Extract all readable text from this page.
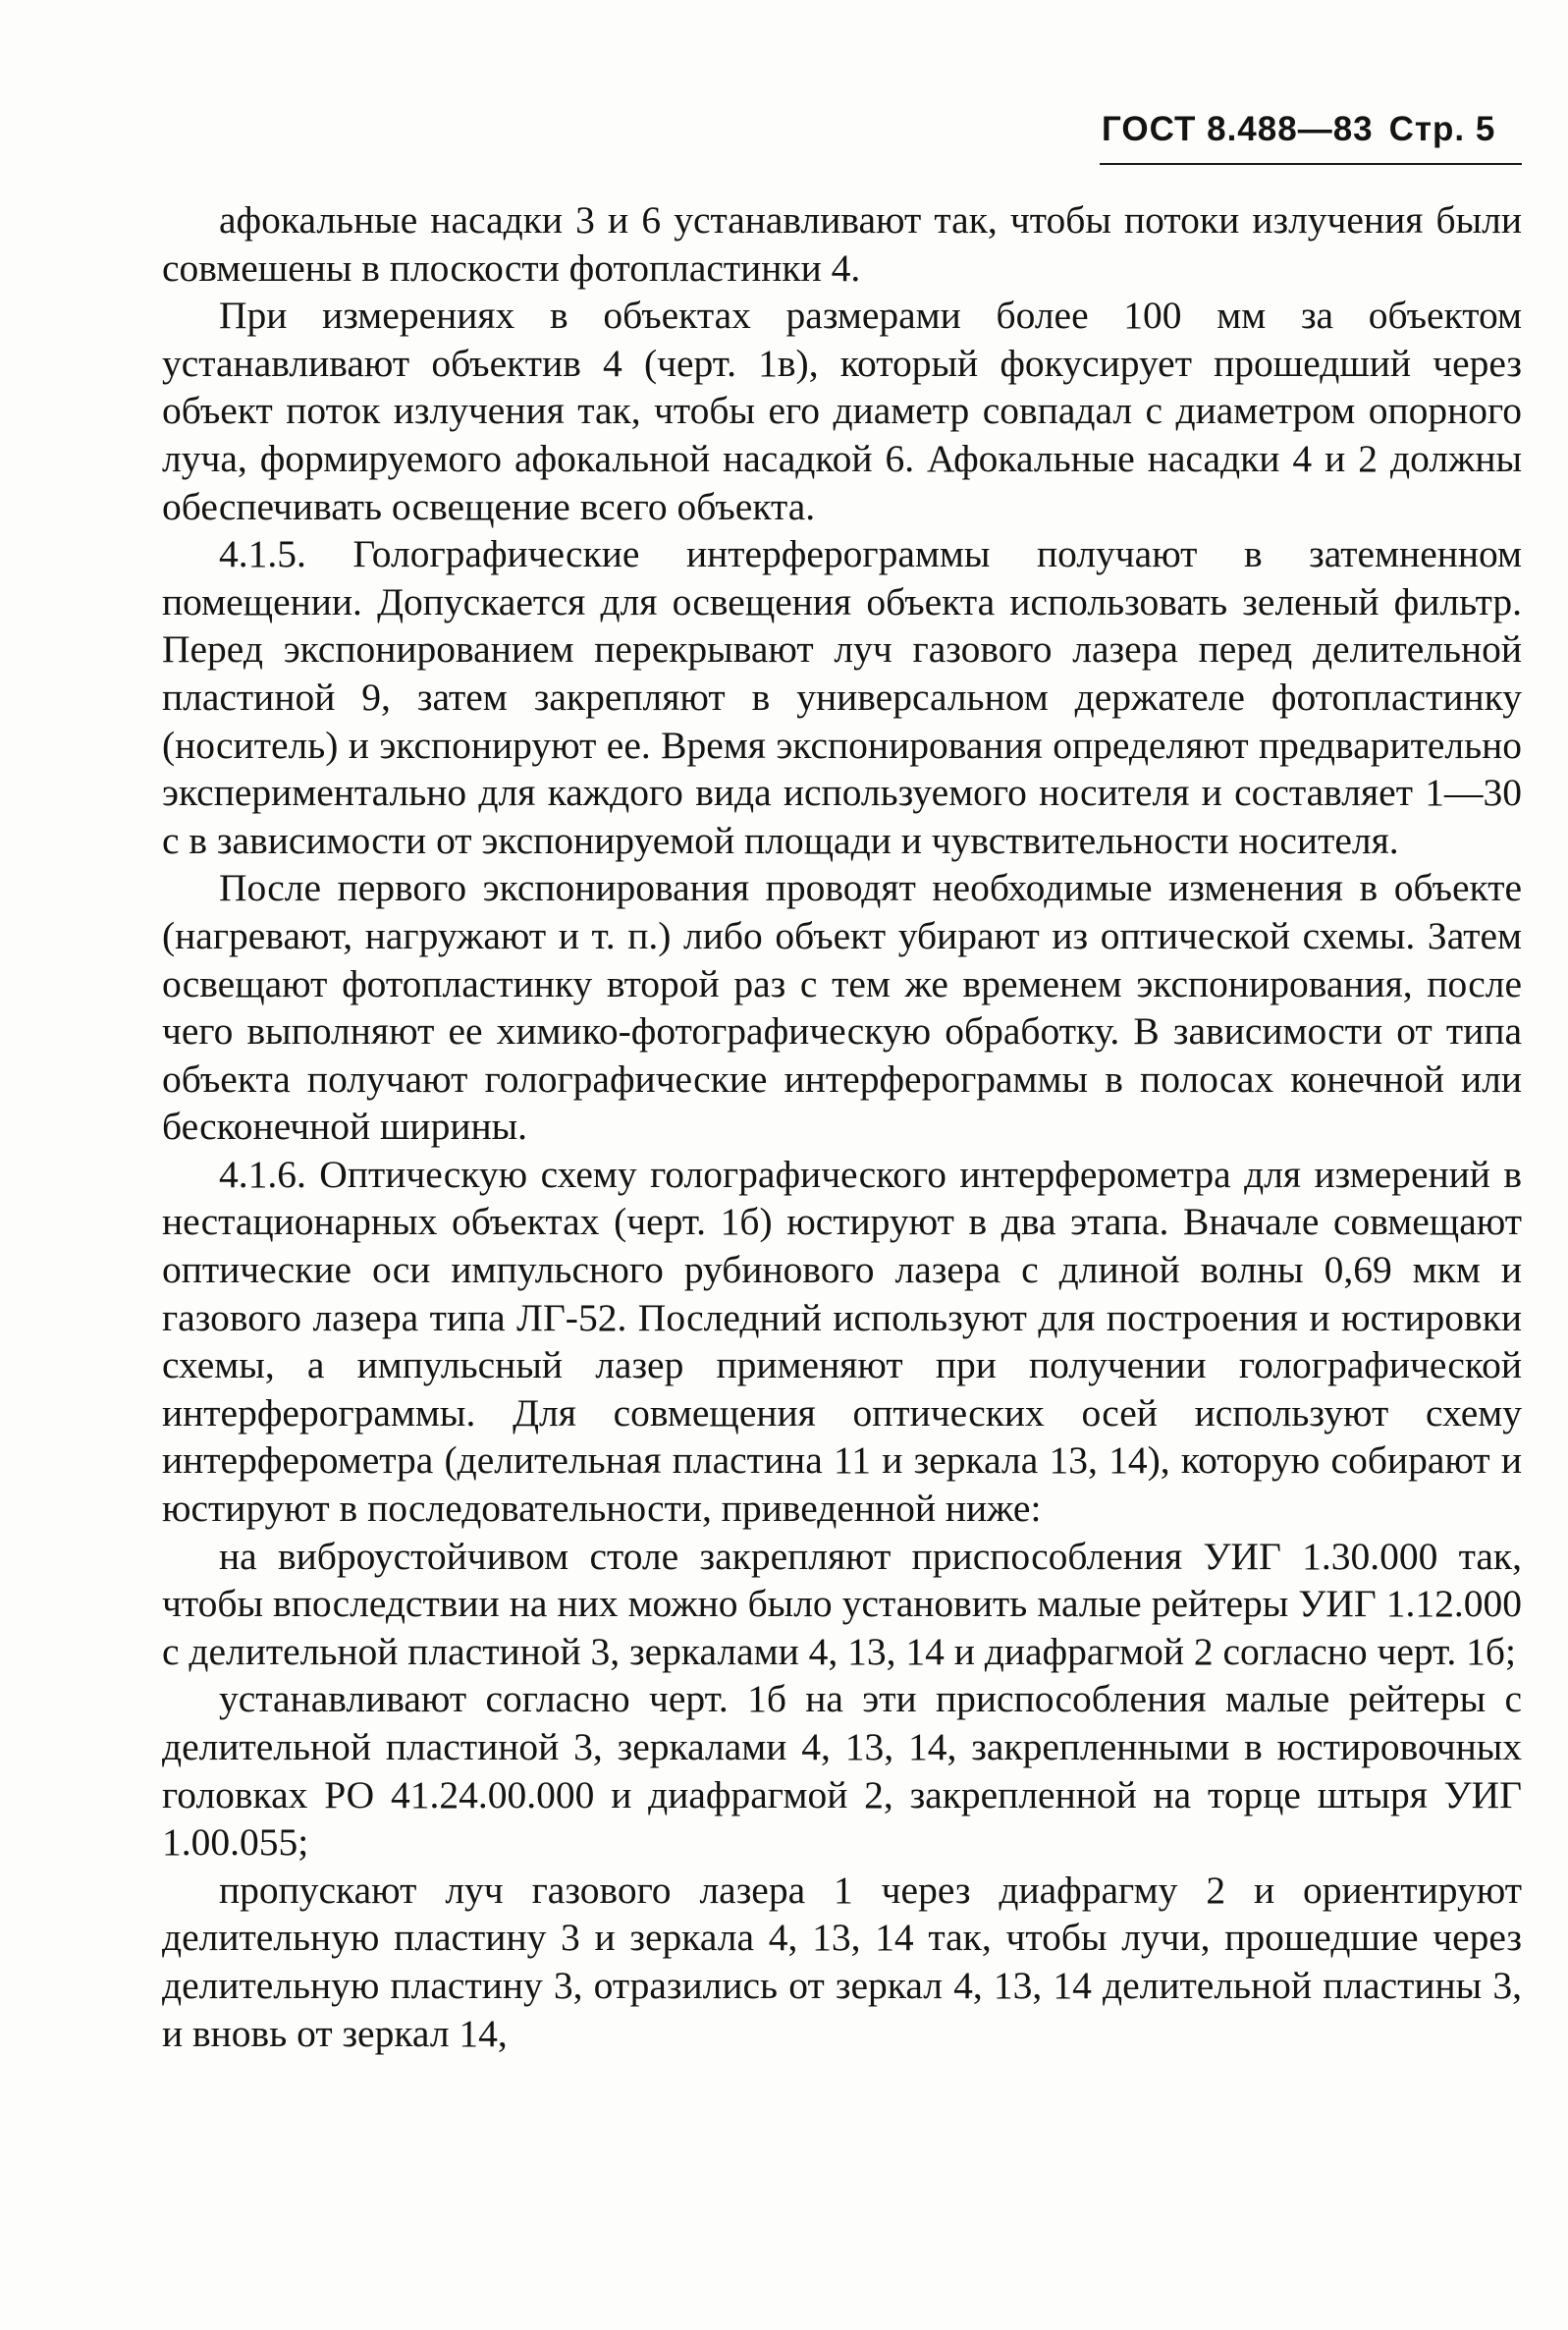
ГОСТ 8.488—83 Стр. 5

афокальные насадки 3 и 6 устанавливают так, чтобы потоки излучения были совмешены в плоскости фотопластинки 4.

При измерениях в объектах размерами более 100 мм за объектом устанавливают объектив 4 (черт. 1в), который фокусирует прошедший через объект поток излучения так, чтобы его диаметр совпадал с диаметром опорного луча, формируемого афокальной насадкой 6. Афокальные насадки 4 и 2 должны обеспечивать освещение всего объекта.

4.1.5. Голографические интерферограммы получают в затемненном помещении. Допускается для освещения объекта использовать зеленый фильтр. Перед экспонированием перекрывают луч газового лазера перед делительной пластиной 9, затем закрепляют в универсальном держателе фотопластинку (носитель) и экспонируют ее. Время экспонирования определяют предварительно экспериментально для каждого вида используемого носителя и составляет 1—30 с в зависимости от экспонируемой площади и чувствительности носителя.

После первого экспонирования проводят необходимые изменения в объекте (нагревают, нагружают и т. п.) либо объект убирают из оптической схемы. Затем освещают фотопластинку второй раз с тем же временем экспонирования, после чего выполняют ее химико-фотографическую обработку. В зависимости от типа объекта получают голографические интерферограммы в полосах конечной или бесконечной ширины.

4.1.6. Оптическую схему голографического интерферометра для измерений в нестационарных объектах (черт. 1б) юстируют в два этапа. Вначале совмещают оптические оси импульсного рубинового лазера с длиной волны 0,69 мкм и газового лазера типа ЛГ-52. Последний используют для построения и юстировки схемы, а импульсный лазер применяют при получении голографической интерферограммы. Для совмещения оптических осей используют схему интерферометра (делительная пластина 11 и зеркала 13, 14), которую собирают и юстируют в последовательности, приведенной ниже:

на виброустойчивом столе закрепляют приспособления УИГ 1.30.000 так, чтобы впоследствии на них можно было установить малые рейтеры УИГ 1.12.000 с делительной пластиной 3, зеркалами 4, 13, 14 и диафрагмой 2 согласно черт. 1б;

устанавливают согласно черт. 1б на эти приспособления малые рейтеры с делительной пластиной 3, зеркалами 4, 13, 14, закрепленными в юстировочных головках РО 41.24.00.000 и диафрагмой 2, закрепленной на торце штыря УИГ 1.00.055;

пропускают луч газового лазера 1 через диафрагму 2 и ориентируют делительную пластину 3 и зеркала 4, 13, 14 так, чтобы лучи, прошедшие через делительную пластину 3, отразились от зеркал 4, 13, 14 делительной пластины 3, и вновь от зеркал 14,
